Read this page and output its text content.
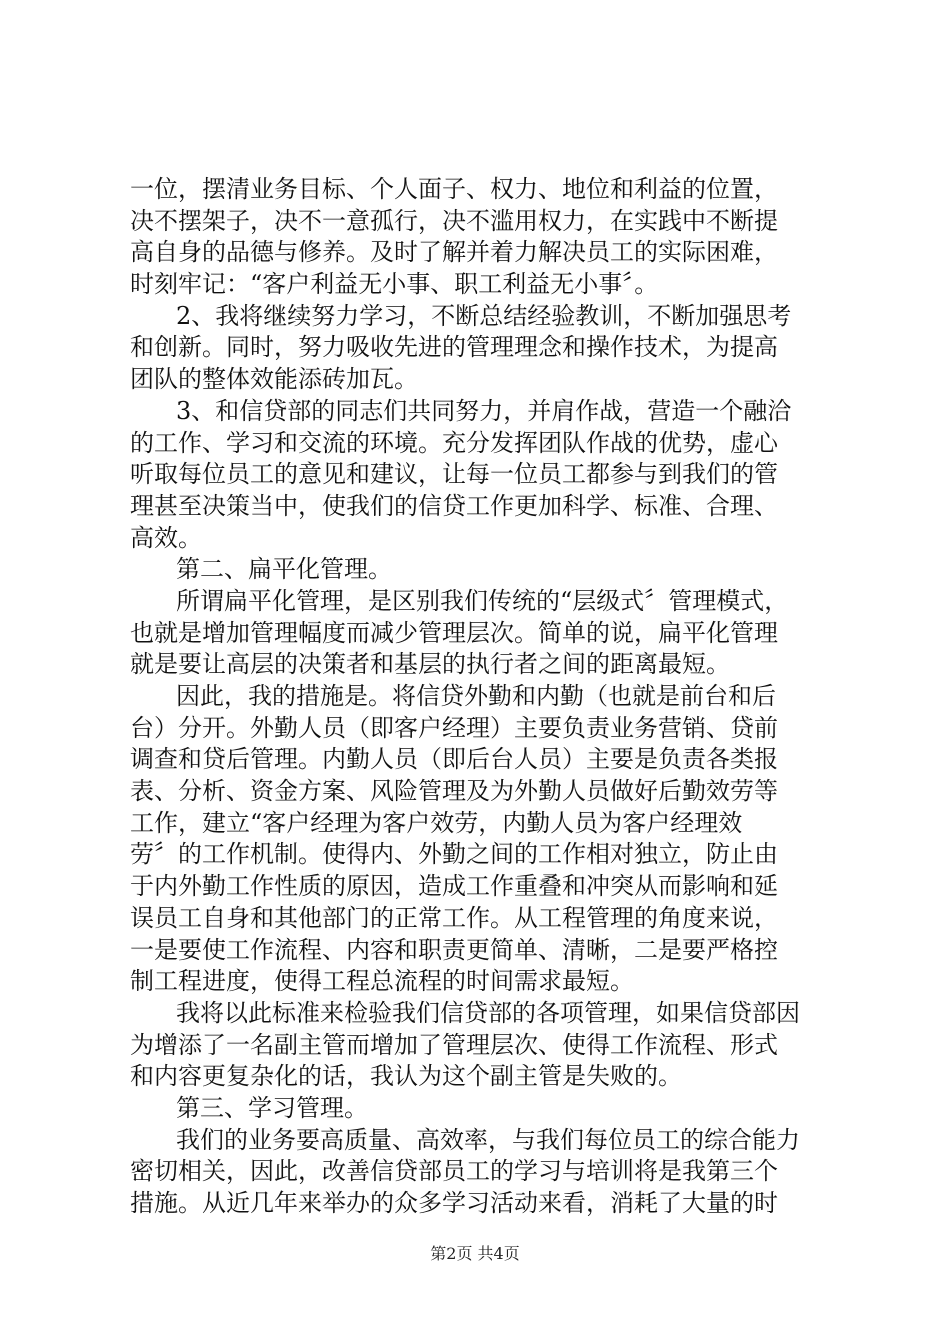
一位，摆清业务目标、个人面子、权力、地位和利益的位置，
决不摆架子，决不一意孤行，决不滥用权力，在实践中不断提
高自身的品德与修养。及时了解并着力解决员工的实际困难，
时刻牢记：“客户利益无小事、职工利益无小事〞。
2、我将继续努力学习，不断总结经验教训，不断加强思考
和创新。同时，努力吸收先进的管理理念和操作技术，为提高
团队的整体效能添砖加瓦。
3、和信贷部的同志们共同努力，并肩作战，营造一个融洽
的工作、学习和交流的环境。充分发挥团队作战的优势，虚心
听取每位员工的意见和建议，让每一位员工都参与到我们的管
理甚至决策当中，使我们的信贷工作更加科学、标准、合理、
高效。
第二、扁平化管理。
所谓扁平化管理，是区别我们传统的“层级式〞管理模式，
也就是增加管理幅度而减少管理层次。简单的说，扁平化管理
就是要让高层的决策者和基层的执行者之间的距离最短。
因此，我的措施是。将信贷外勤和内勤（也就是前台和后
台）分开。外勤人员（即客户经理）主要负责业务营销、贷前
调查和贷后管理。内勤人员（即后台人员）主要是负责各类报
表、分析、资金方案、风险管理及为外勤人员做好后勤效劳等
工作，建立“客户经理为客户效劳，内勤人员为客户经理效
劳〞的工作机制。使得内、外勤之间的工作相对独立，防止由
于内外勤工作性质的原因，造成工作重叠和冲突从而影响和延
误员工自身和其他部门的正常工作。从工程管理的角度来说，
一是要使工作流程、内容和职责更简单、清晰，二是要严格控
制工程进度，使得工程总流程的时间需求最短。
我将以此标准来检验我们信贷部的各项管理，如果信贷部因
为增添了一名副主管而增加了管理层次、使得工作流程、形式
和内容更复杂化的话，我认为这个副主管是失败的。
第三、学习管理。
我们的业务要高质量、高效率，与我们每位员工的综合能力
密切相关，因此，改善信贷部员工的学习与培训将是我第三个
措施。从近几年来举办的众多学习活动来看，消耗了大量的时
第2页 共4页
